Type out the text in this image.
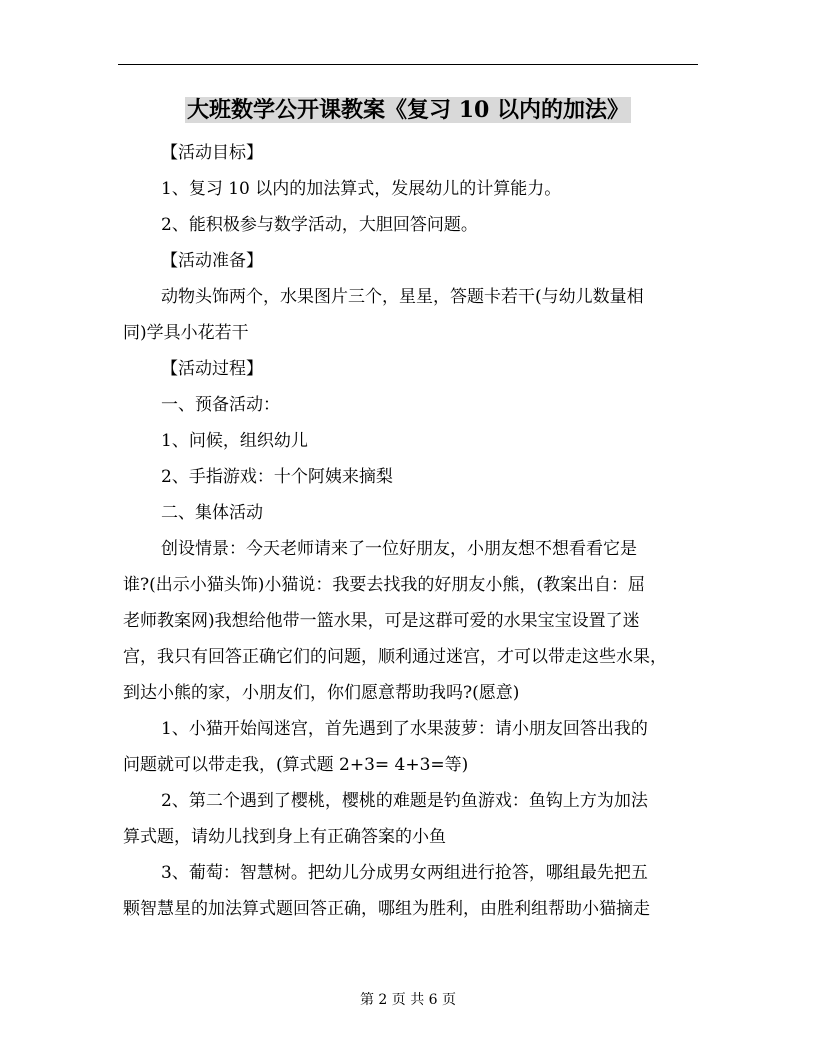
大班数学公开课教案《复习 10 以内的加法》
【活动目标】
1、复习 10 以内的加法算式，发展幼儿的计算能力。
2、能积极参与数学活动，大胆回答问题。
【活动准备】
动物头饰两个，水果图片三个，星星，答题卡若干(与幼儿数量相
同)学具小花若干
【活动过程】
一、预备活动：
1、问候，组织幼儿
2、手指游戏：十个阿姨来摘梨
二、集体活动
创设情景：今天老师请来了一位好朋友，小朋友想不想看看它是
谁?(出示小猫头饰)小猫说：我要去找我的好朋友小熊，(教案出自：屈
老师教案网)我想给他带一篮水果，可是这群可爱的水果宝宝设置了迷
宫，我只有回答正确它们的问题，顺利通过迷宫，才可以带走这些水果，
到达小熊的家，小朋友们，你们愿意帮助我吗?(愿意)
1、小猫开始闯迷宫，首先遇到了水果菠萝：请小朋友回答出我的
问题就可以带走我，(算式题 2+3= 4+3=等)
2、第二个遇到了樱桃，樱桃的难题是钓鱼游戏：鱼钩上方为加法
算式题，请幼儿找到身上有正确答案的小鱼
3、葡萄：智慧树。把幼儿分成男女两组进行抢答，哪组最先把五
颗智慧星的加法算式题回答正确，哪组为胜利，由胜利组帮助小猫摘走
第 2 页 共 6 页
